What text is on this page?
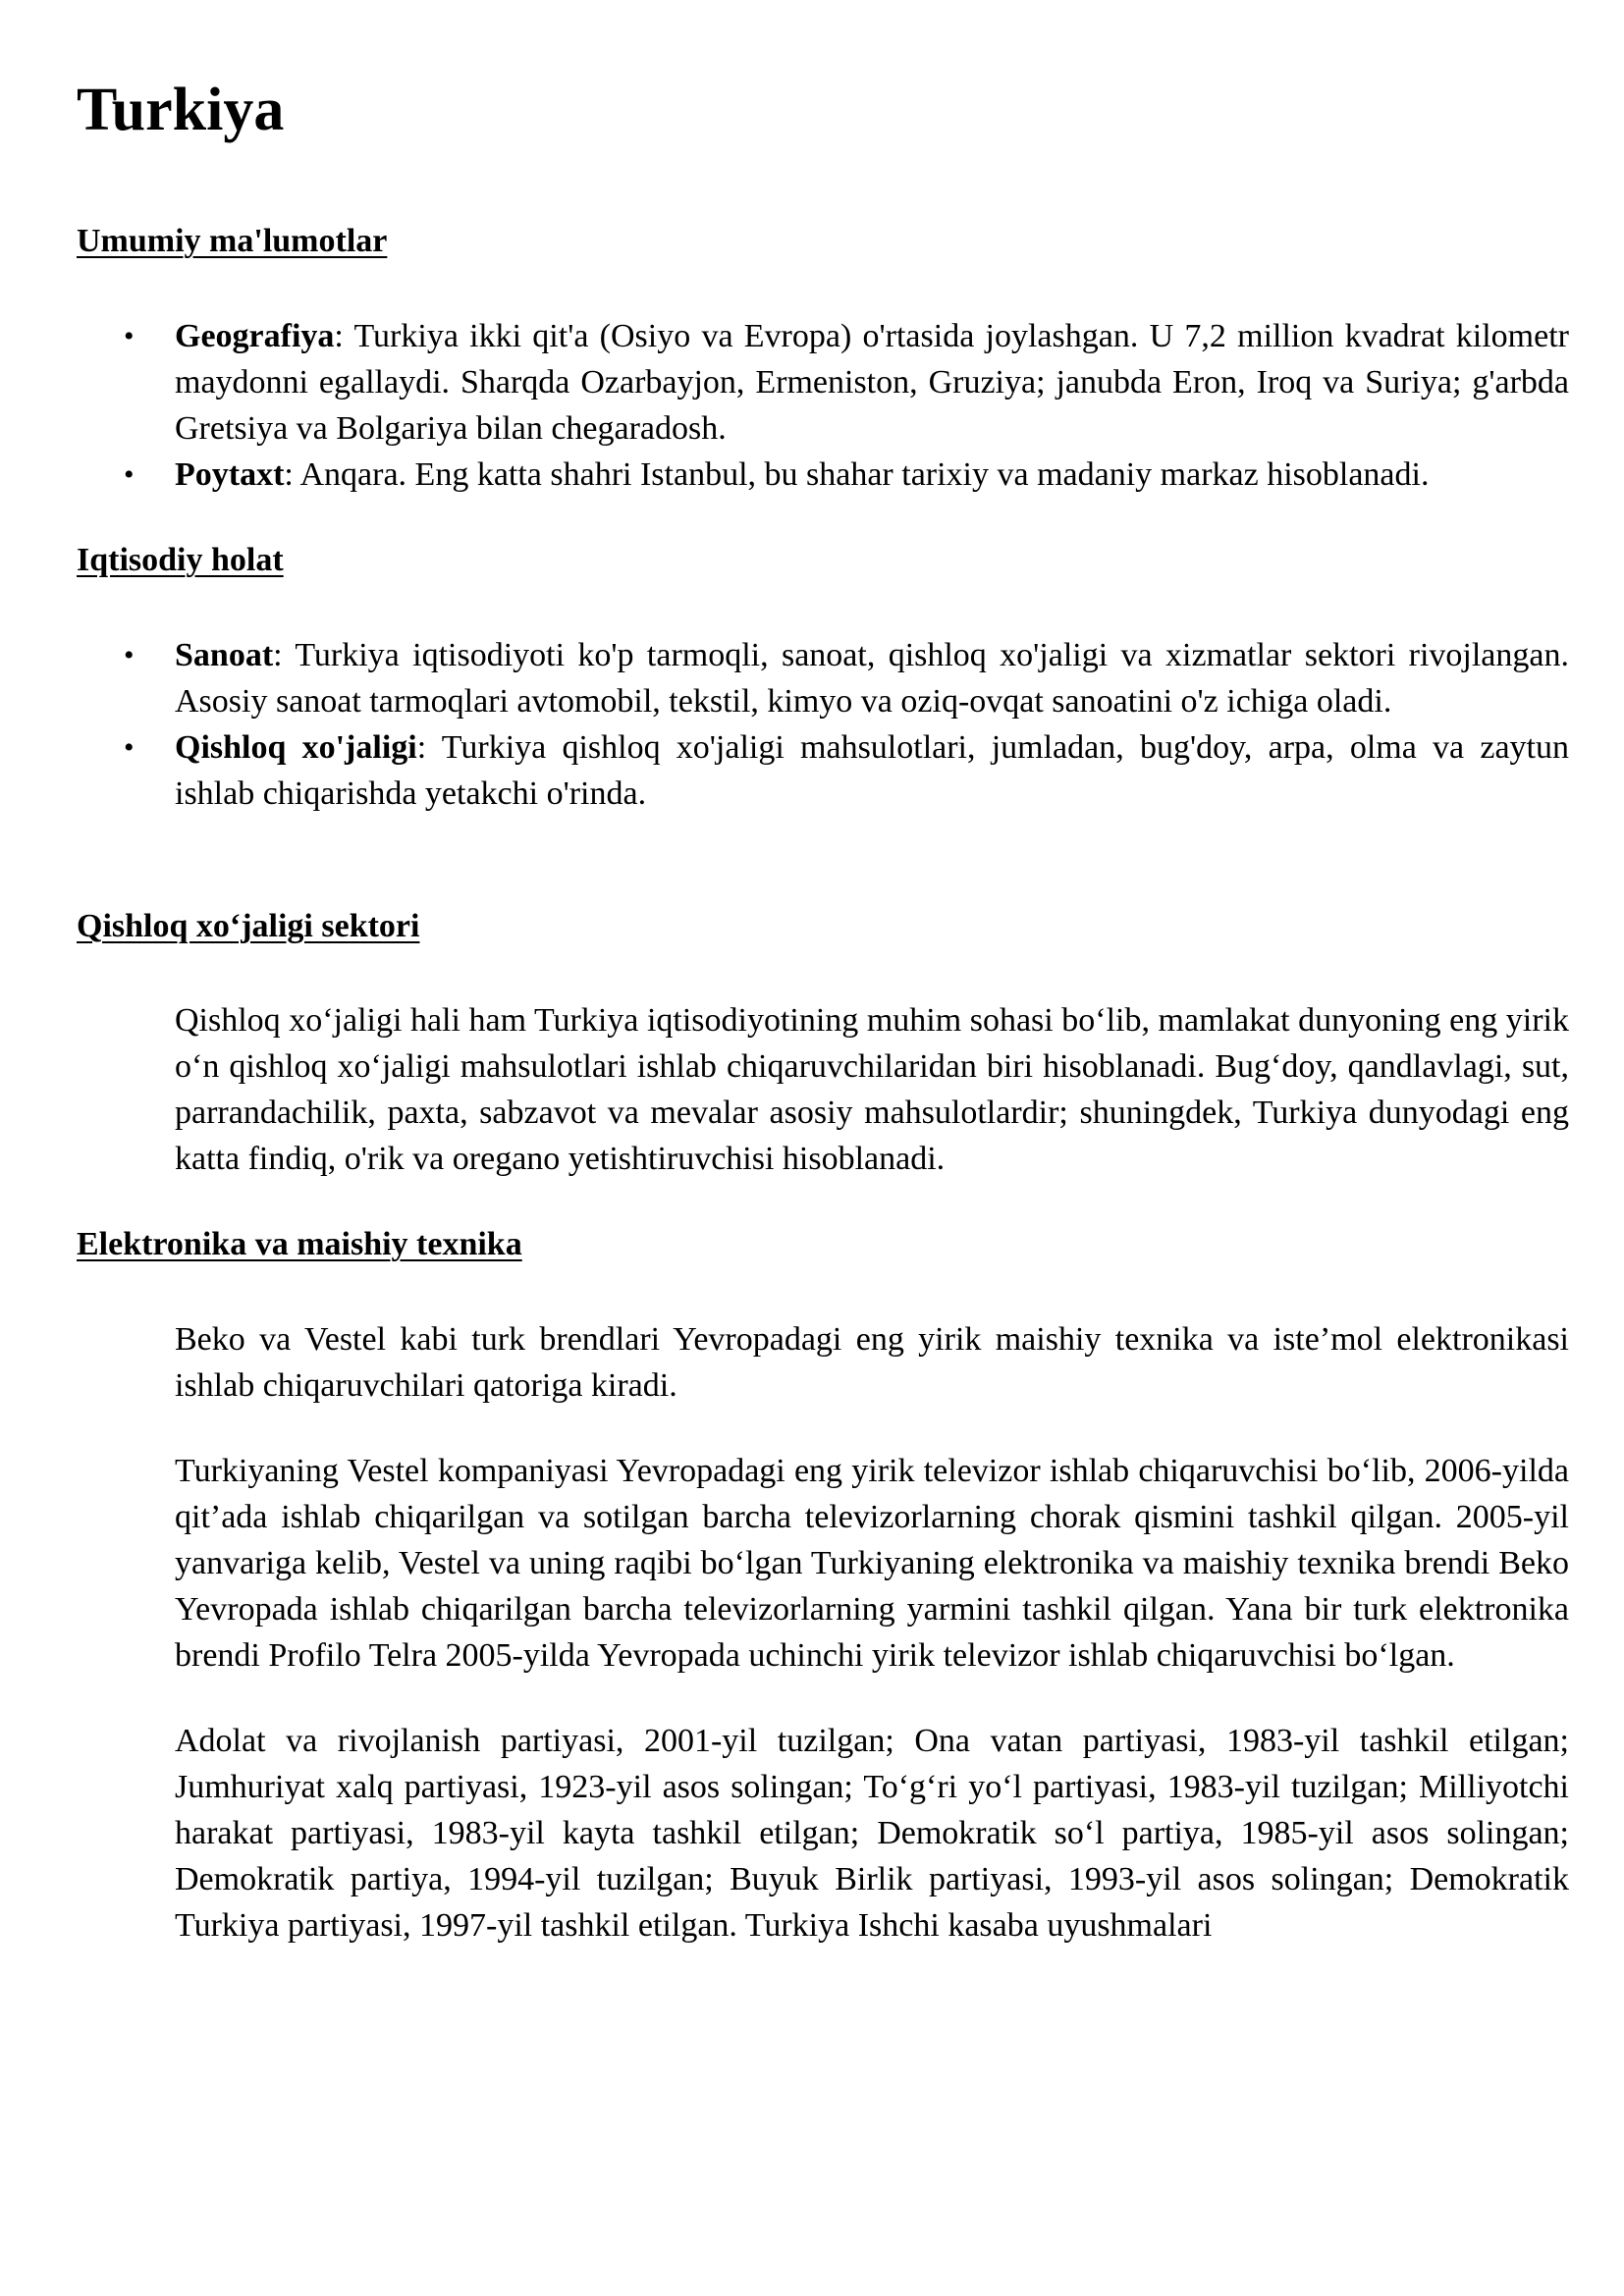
Turkiya
Umumiy ma'lumotlar
• Geografiya: Turkiya ikki qit'a (Osiyo va Evropa) o'rtasida joylashgan. U 7,2 million kvadrat kilometr maydonni egallaydi. Sharqda Ozarbayjon, Ermeniston, Gruziya; janubda Eron, Iroq va Suriya; g'arbda Gretsiya va Bolgariya bilan chegaradosh.
• Poytaxt: Anqara. Eng katta shahri Istanbul, bu shahar tarixiy va madaniy markaz hisoblanadi.
Iqtisodiy holat
• Sanoat: Turkiya iqtisodiyoti ko'p tarmoqli, sanoat, qishloq xo'jaligi va xizmatlar sektori rivojlangan. Asosiy sanoat tarmoqlari avtomobil, tekstil, kimyo va oziq-ovqat sanoatini o'z ichiga oladi.
• Qishloq xo'jaligi: Turkiya qishloq xo'jaligi mahsulotlari, jumladan, bug'doy, arpa, olma va zaytun ishlab chiqarishda yetakchi o'rinda.
Qishloq xo‘jaligi sektori

Qishloq xo‘jaligi hali ham Turkiya iqtisodiyotining muhim sohasi bo‘lib, mamlakat dunyoning eng yirik o‘n qishloq xo‘jaligi mahsulotlari ishlab chiqaruvchilaridan biri hisoblanadi. Bug‘doy, qandlavlagi, sut, parrandachilik, paxta, sabzavot va mevalar asosiy mahsulotlardir; shuningdek, Turkiya dunyodagi eng katta findiq, o'rik va oregano yetishtiruvchisi hisoblanadi.

Elektronika va maishiy texnika

Beko va Vestel kabi turk brendlari Yevropadagi eng yirik maishiy texnika va iste’mol elektronikasi ishlab chiqaruvchilari qatoriga kiradi.

Turkiyaning Vestel kompaniyasi Yevropadagi eng yirik televizor ishlab chiqaruvchisi bo‘lib, 2006-yilda qit’ada ishlab chiqarilgan va sotilgan barcha televizorlarning chorak qismini tashkil qilgan. 2005-yil yanvariga kelib, Vestel va uning raqibi bo‘lgan Turkiyaning elektronika va maishiy texnika brendi Beko Yevropada ishlab chiqarilgan barcha televizorlarning yarmini tashkil qilgan. Yana bir turk elektronika brendi Profilo Telra 2005-yilda Yevropada uchinchi yirik televizor ishlab chiqaruvchisi bo‘lgan.

Adolat va rivojlanish partiyasi, 2001-yil tuzilgan; Ona vatan partiyasi, 1983-yil tashkil etilgan; Jumhuriyat xalq partiyasi, 1923-yil asos solingan; To‘g‘ri yo‘l partiyasi, 1983-yil tuzilgan; Milliyotchi harakat partiyasi, 1983-yil kayta tashkil etilgan; Demokratik so‘l partiya, 1985-yil asos solingan; Demokratik partiya, 1994-yil tuzilgan; Buyuk Birlik partiyasi, 1993-yil asos solingan; Demokratik Turkiya partiyasi, 1997-yil tashkil etilgan. Turkiya Ishchi kasaba uyushmalari
